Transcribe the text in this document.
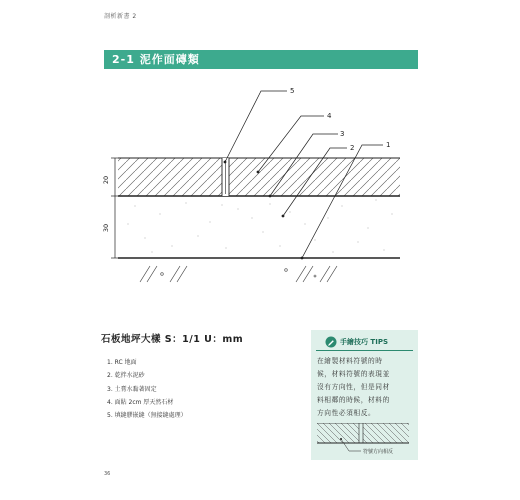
剖析新書 2
2-1 泥作面磚類
20
30
5
4
3
2	1
石板地坪大樣 S：1/1 U：mm
1. RC 地面
2. 乾拌水泥砂
3. 土膏水黏著固定
4. 面貼 2cm 厚天然石材
5. 填縫膠嵌縫（無接縫處理）
手繪技巧 TIPS
在繪製材料符號的時
候，材料符號的表現並
沒有方向性，但是同材
料相鄰的時候，材料的
方向性必須相反。
符號方向相反
36
